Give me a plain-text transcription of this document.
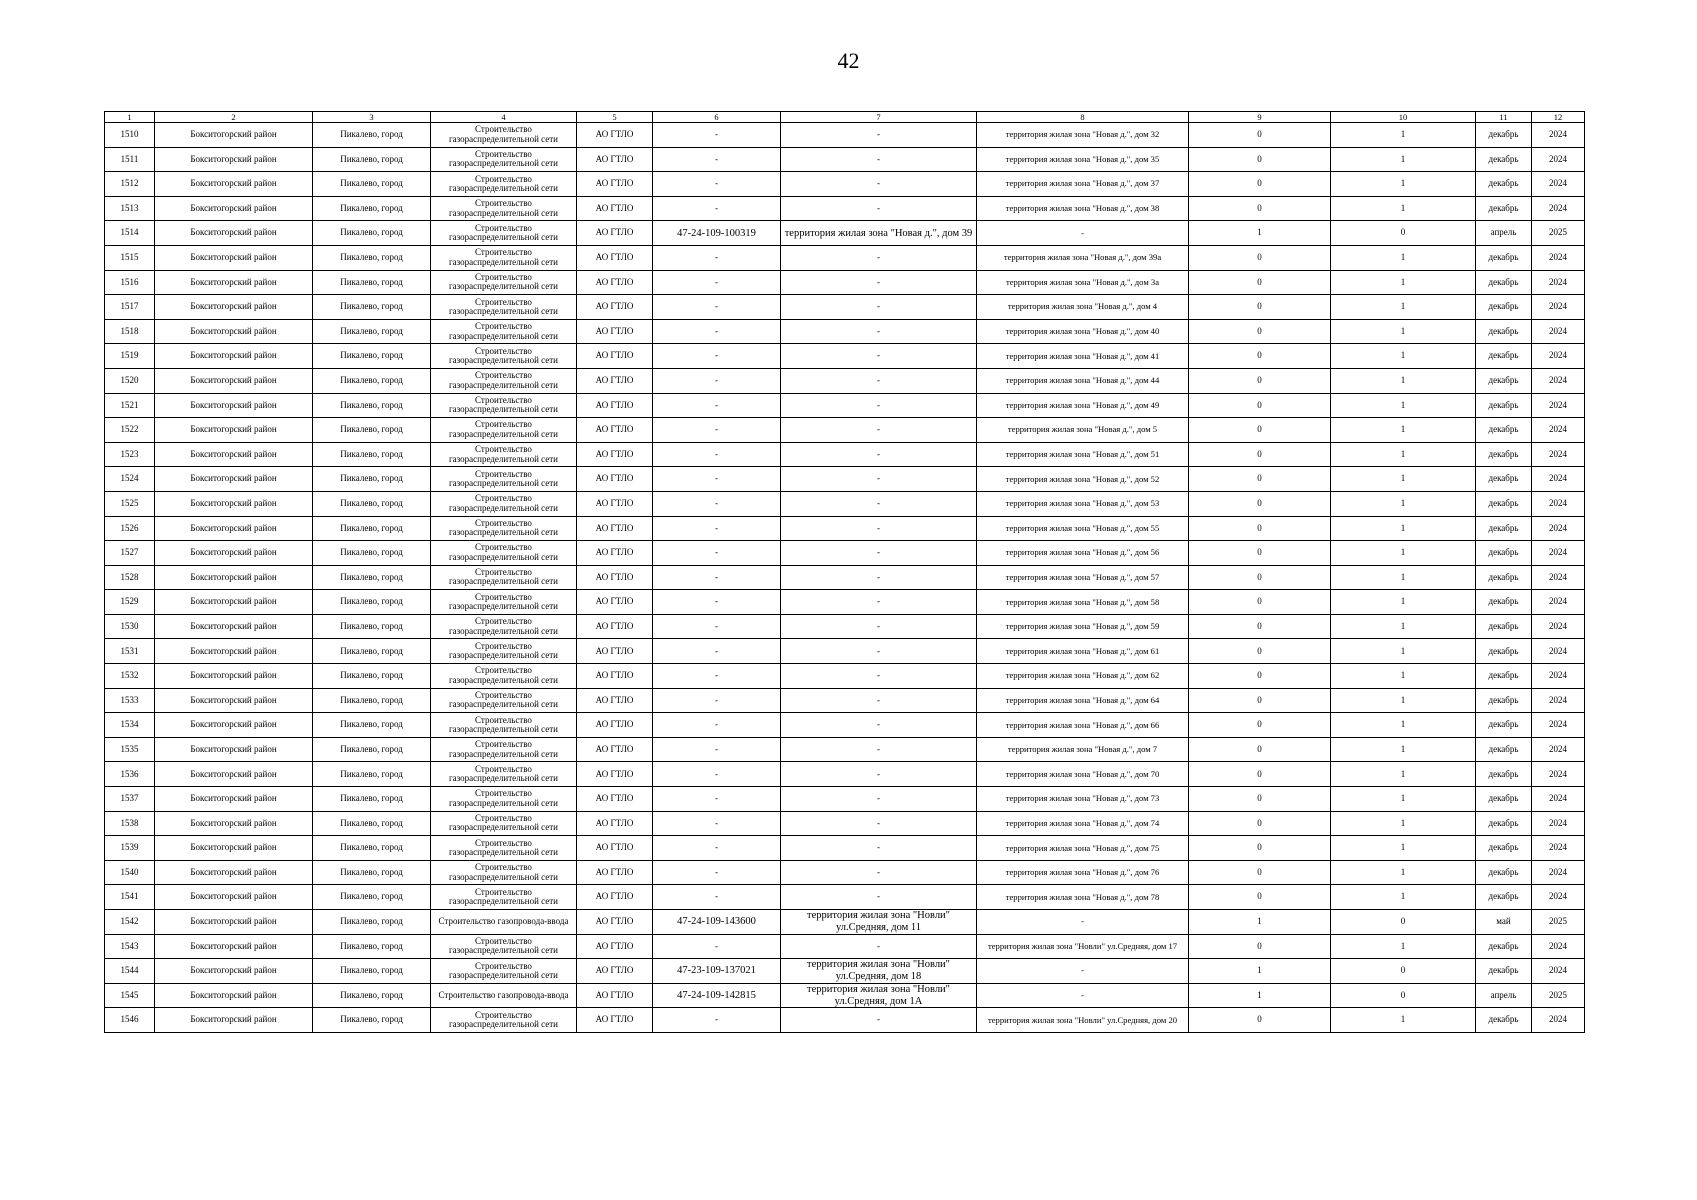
42
1	2	3	4	5	6	7	8	9	10	11	12
1510	Бокситогорский район	Пикалево, город	Строительство газораспределительной сети	АО ГТЛО	-	-	территория жилая зона "Новая д.", дом 32	0	1	декабрь	2024
1511	Бокситогорский район	Пикалево, город	Строительство газораспределительной сети	АО ГТЛО	-	-	территория жилая зона "Новая д.", дом 35	0	1	декабрь	2024
1512	Бокситогорский район	Пикалево, город	Строительство газораспределительной сети	АО ГТЛО	-	-	территория жилая зона "Новая д.", дом 37	0	1	декабрь	2024
1513	Бокситогорский район	Пикалево, город	Строительство газораспределительной сети	АО ГТЛО	-	-	территория жилая зона "Новая д.", дом 38	0	1	декабрь	2024
1514	Бокситогорский район	Пикалево, город	Строительство газораспределительной сети	АО ГТЛО	47-24-109-100319	территория жилая зона "Новая д.", дом 39	-	1	0	апрель	2025
1515	Бокситогорский район	Пикалево, город	Строительство газораспределительной сети	АО ГТЛО	-	-	территория жилая зона "Новая д.", дом 39а	0	1	декабрь	2024
1516	Бокситогорский район	Пикалево, город	Строительство газораспределительной сети	АО ГТЛО	-	-	территория жилая зона "Новая д.", дом 3а	0	1	декабрь	2024
1517	Бокситогорский район	Пикалево, город	Строительство газораспределительной сети	АО ГТЛО	-	-	территория жилая зона "Новая д.", дом 4	0	1	декабрь	2024
1518	Бокситогорский район	Пикалево, город	Строительство газораспределительной сети	АО ГТЛО	-	-	территория жилая зона "Новая д.", дом 40	0	1	декабрь	2024
1519	Бокситогорский район	Пикалево, город	Строительство газораспределительной сети	АО ГТЛО	-	-	территория жилая зона "Новая д.", дом 41	0	1	декабрь	2024
1520	Бокситогорский район	Пикалево, город	Строительство газораспределительной сети	АО ГТЛО	-	-	территория жилая зона "Новая д.", дом 44	0	1	декабрь	2024
1521	Бокситогорский район	Пикалево, город	Строительство газораспределительной сети	АО ГТЛО	-	-	территория жилая зона "Новая д.", дом 49	0	1	декабрь	2024
1522	Бокситогорский район	Пикалево, город	Строительство газораспределительной сети	АО ГТЛО	-	-	территория жилая зона "Новая д.", дом 5	0	1	декабрь	2024
1523	Бокситогорский район	Пикалево, город	Строительство газораспределительной сети	АО ГТЛО	-	-	территория жилая зона "Новая д.", дом 51	0	1	декабрь	2024
1524	Бокситогорский район	Пикалево, город	Строительство газораспределительной сети	АО ГТЛО	-	-	территория жилая зона "Новая д.", дом 52	0	1	декабрь	2024
1525	Бокситогорский район	Пикалево, город	Строительство газораспределительной сети	АО ГТЛО	-	-	территория жилая зона "Новая д.", дом 53	0	1	декабрь	2024
1526	Бокситогорский район	Пикалево, город	Строительство газораспределительной сети	АО ГТЛО	-	-	территория жилая зона "Новая д.", дом 55	0	1	декабрь	2024
1527	Бокситогорский район	Пикалево, город	Строительство газораспределительной сети	АО ГТЛО	-	-	территория жилая зона "Новая д.", дом 56	0	1	декабрь	2024
1528	Бокситогорский район	Пикалево, город	Строительство газораспределительной сети	АО ГТЛО	-	-	территория жилая зона "Новая д.", дом 57	0	1	декабрь	2024
1529	Бокситогорский район	Пикалево, город	Строительство газораспределительной сети	АО ГТЛО	-	-	территория жилая зона "Новая д.", дом 58	0	1	декабрь	2024
1530	Бокситогорский район	Пикалево, город	Строительство газораспределительной сети	АО ГТЛО	-	-	территория жилая зона "Новая д.", дом 59	0	1	декабрь	2024
1531	Бокситогорский район	Пикалево, город	Строительство газораспределительной сети	АО ГТЛО	-	-	территория жилая зона "Новая д.", дом 61	0	1	декабрь	2024
1532	Бокситогорский район	Пикалево, город	Строительство газораспределительной сети	АО ГТЛО	-	-	территория жилая зона "Новая д.", дом 62	0	1	декабрь	2024
1533	Бокситогорский район	Пикалево, город	Строительство газораспределительной сети	АО ГТЛО	-	-	территория жилая зона "Новая д.", дом 64	0	1	декабрь	2024
1534	Бокситогорский район	Пикалево, город	Строительство газораспределительной сети	АО ГТЛО	-	-	территория жилая зона "Новая д.", дом 66	0	1	декабрь	2024
1535	Бокситогорский район	Пикалево, город	Строительство газораспределительной сети	АО ГТЛО	-	-	территория жилая зона "Новая д.", дом 7	0	1	декабрь	2024
1536	Бокситогорский район	Пикалево, город	Строительство газораспределительной сети	АО ГТЛО	-	-	территория жилая зона "Новая д.", дом 70	0	1	декабрь	2024
1537	Бокситогорский район	Пикалево, город	Строительство газораспределительной сети	АО ГТЛО	-	-	территория жилая зона "Новая д.", дом 73	0	1	декабрь	2024
1538	Бокситогорский район	Пикалево, город	Строительство газораспределительной сети	АО ГТЛО	-	-	территория жилая зона "Новая д.", дом 74	0	1	декабрь	2024
1539	Бокситогорский район	Пикалево, город	Строительство газораспределительной сети	АО ГТЛО	-	-	территория жилая зона "Новая д.", дом 75	0	1	декабрь	2024
1540	Бокситогорский район	Пикалево, город	Строительство газораспределительной сети	АО ГТЛО	-	-	территория жилая зона "Новая д.", дом 76	0	1	декабрь	2024
1541	Бокситогорский район	Пикалево, город	Строительство газораспределительной сети	АО ГТЛО	-	-	территория жилая зона "Новая д.", дом 78	0	1	декабрь	2024
1542	Бокситогорский район	Пикалево, город	Строительство газопровода-ввода	АО ГТЛО	47-24-109-143600	территория жилая зона "Новли" ул.Средняя, дом 11	-	1	0	май	2025
1543	Бокситогорский район	Пикалево, город	Строительство газораспределительной сети	АО ГТЛО	-	-	территория жилая зона "Новли" ул.Средняя, дом 17	0	1	декабрь	2024
1544	Бокситогорский район	Пикалево, город	Строительство газораспределительной сети	АО ГТЛО	47-23-109-137021	территория жилая зона "Новли" ул.Средняя, дом 18	-	1	0	декабрь	2024
1545	Бокситогорский район	Пикалево, город	Строительство газопровода-ввода	АО ГТЛО	47-24-109-142815	территория жилая зона "Новли" ул.Средняя, дом 1А	-	1	0	апрель	2025
1546	Бокситогорский район	Пикалево, город	Строительство газораспределительной сети	АО ГТЛО	-	-	территория жилая зона "Новли" ул.Средняя, дом 20	0	1	декабрь	2024
